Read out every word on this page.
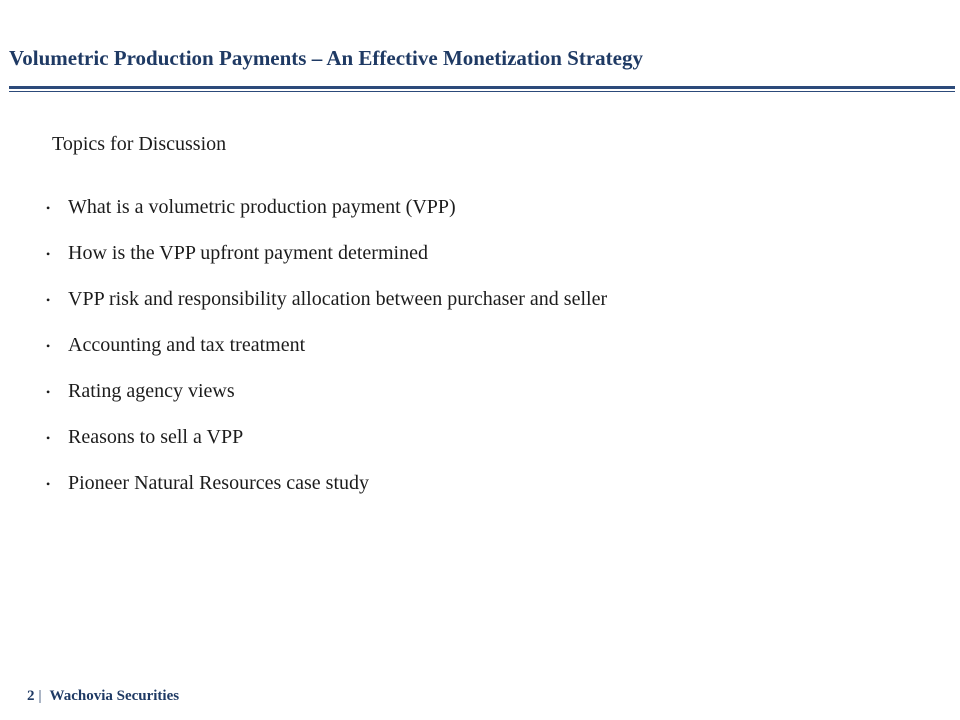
Volumetric Production Payments – An Effective Monetization Strategy
Topics for Discussion
• What is a volumetric production payment (VPP)
• How is the VPP upfront payment determined
• VPP risk and responsibility allocation between purchaser and seller
• Accounting and tax treatment
• Rating agency views
• Reasons to sell a VPP
• Pioneer Natural Resources case study
2 | Wachovia Securities
